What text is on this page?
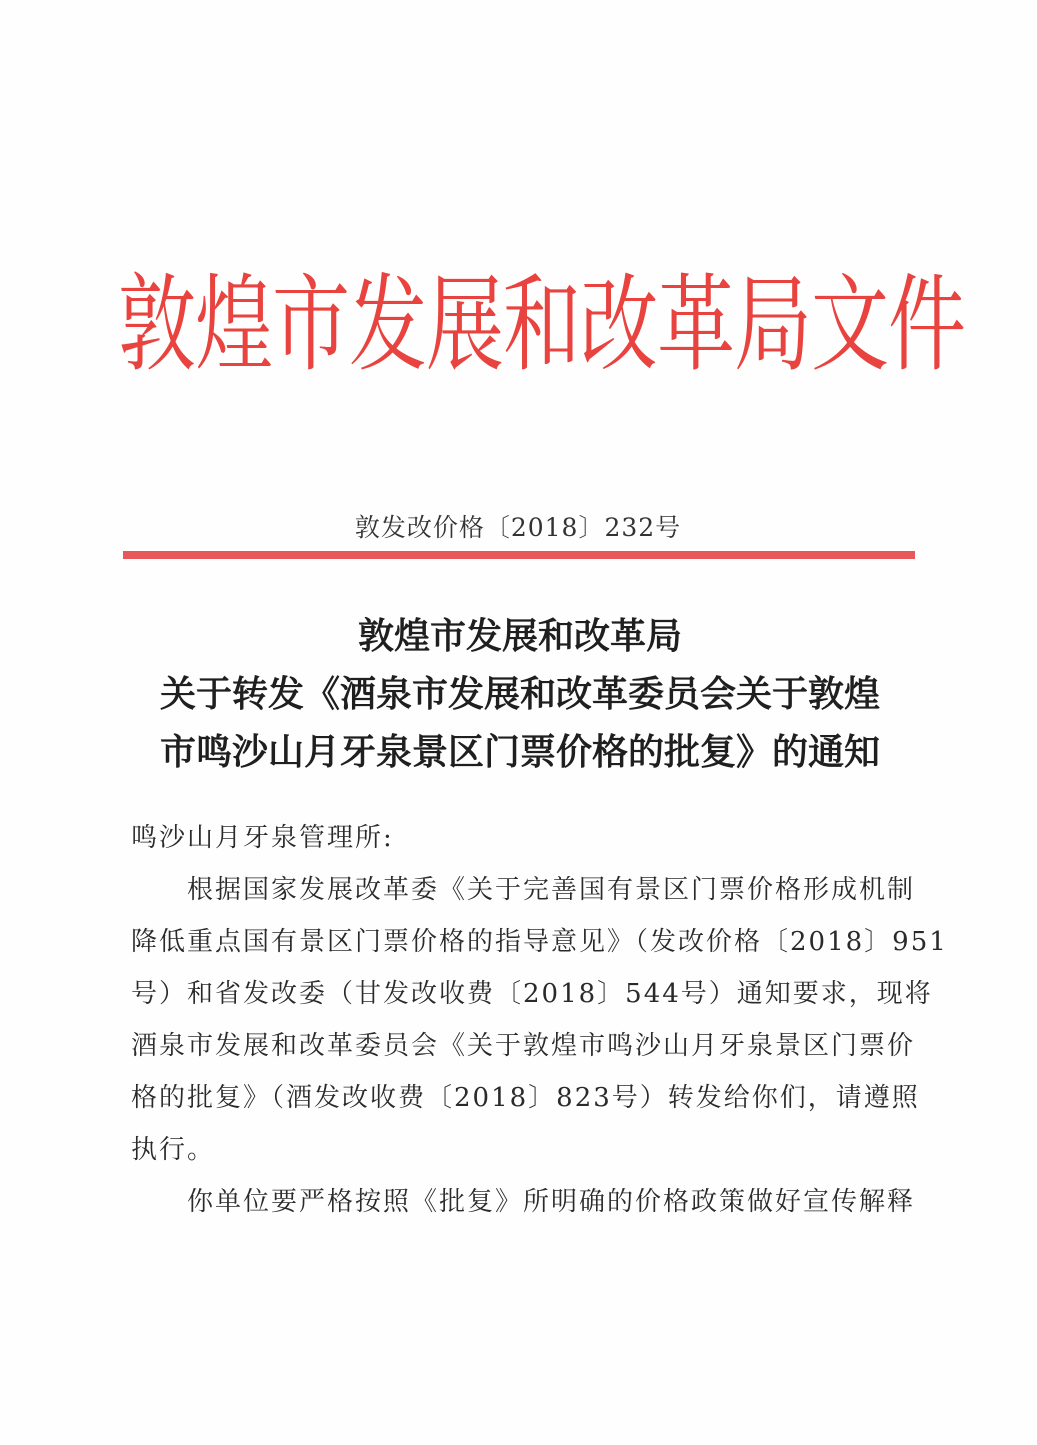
敦煌市发展和改革局文件
敦发改价格〔2018〕232号
敦煌市发展和改革局
关于转发《酒泉市发展和改革委员会关于敦煌
市鸣沙山月牙泉景区门票价格的批复》的通知
鸣沙山月牙泉管理所:
根据国家发展改革委《关于完善国有景区门票价格形成机制
降低重点国有景区门票价格的指导意见》（发改价格〔2018〕951
号）和省发改委（甘发改收费〔2018〕544号）通知要求，现将
酒泉市发展和改革委员会《关于敦煌市鸣沙山月牙泉景区门票价
格的批复》（酒发改收费〔2018〕823号）转发给你们，请遵照
执行。
你单位要严格按照《批复》所明确的价格政策做好宣传解释
